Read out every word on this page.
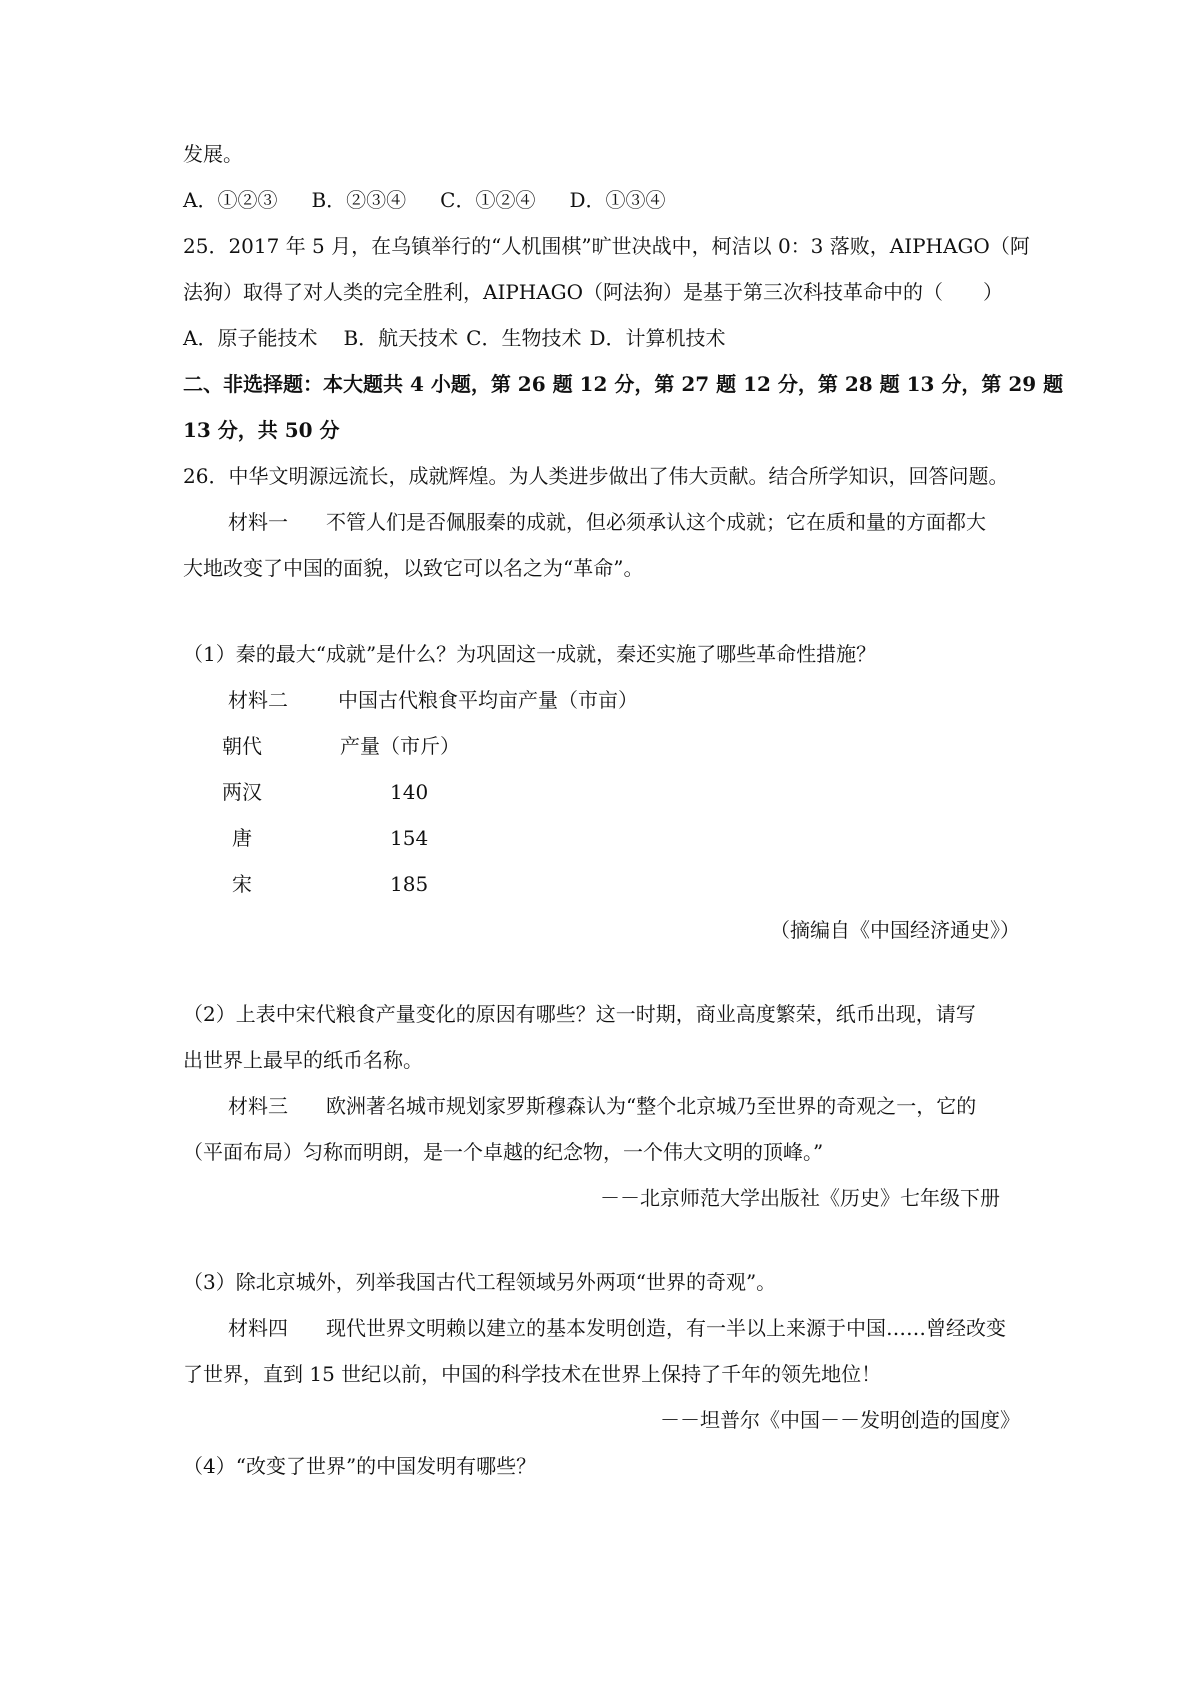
发展。
A．①②③ B．②③④ C．①②④ D．①③④
25．2017 年 5 月，在乌镇举行的“人机围棋”旷世决战中，柯洁以 0：3 落败，AIPHAGO（阿
法狗）取得了对人类的完全胜利，AIPHAGO（阿法狗）是基于第三次科技革命中的（　　）
A．原子能技术 B．航天技术 C．生物技术 D．计算机技术
二、非选择题：本大题共 4 小题，第 26 题 12 分，第 27 题 12 分，第 28 题 13 分，第 29 题
13 分，共 50 分
26．中华文明源远流长，成就辉煌。为人类进步做出了伟大贡献。结合所学知识，回答问题。
材料一 不管人们是否佩服秦的成就，但必须承认这个成就；它在质和量的方面都大
大地改变了中国的面貌，以致它可以名之为“革命”。
（1）秦的最大“成就”是什么？为巩固这一成就，秦还实施了哪些革命性措施？
材料二	中国古代粮食平均亩产量（市亩）
朝代	产量（市斤）
两汉	140
唐	154
宋	185
（摘编自《中国经济通史》）
（2）上表中宋代粮食产量变化的原因有哪些？这一时期，商业高度繁荣，纸币出现，请写
出世界上最早的纸币名称。
材料三 欧洲著名城市规划家罗斯穆森认为“整个北京城乃至世界的奇观之一，它的
（平面布局）匀称而明朗，是一个卓越的纪念物，一个伟大文明的顶峰。”
－－北京师范大学出版社《历史》七年级下册
（3）除北京城外，列举我国古代工程领域另外两项“世界的奇观”。
材料四 现代世界文明赖以建立的基本发明创造，有一半以上来源于中国……曾经改变
了世界，直到 15 世纪以前，中国的科学技术在世界上保持了千年的领先地位！
－－坦普尔《中国－－发明创造的国度》
（4）“改变了世界”的中国发明有哪些？
